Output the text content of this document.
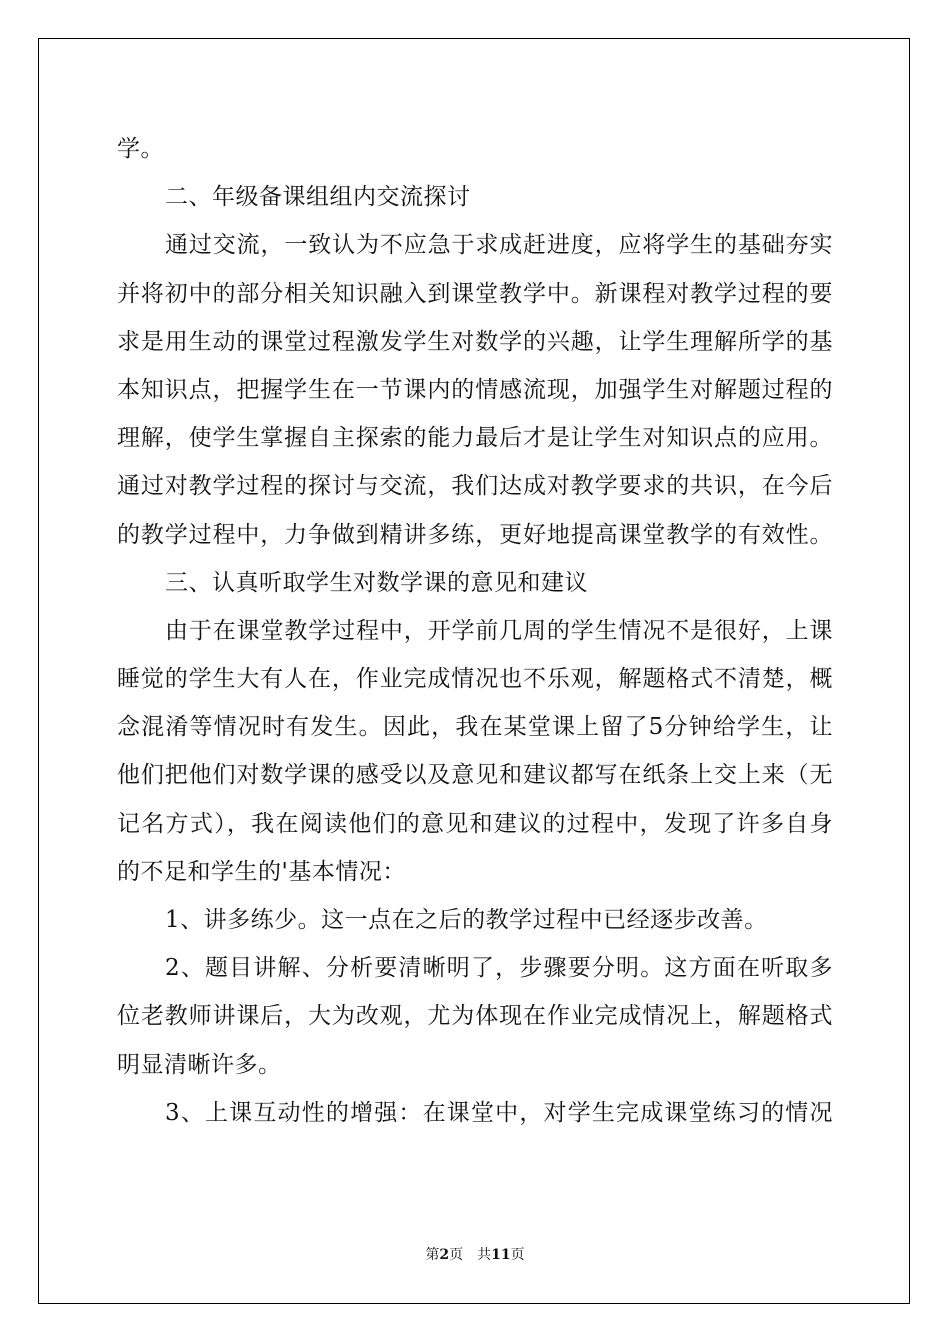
学。
二、年级备课组组内交流探讨
通过交流，一致认为不应急于求成赶进度，应将学生的基础夯实
并将初中的部分相关知识融入到课堂教学中。新课程对教学过程的要
求是用生动的课堂过程激发学生对数学的兴趣，让学生理解所学的基
本知识点，把握学生在一节课内的情感流现，加强学生对解题过程的
理解，使学生掌握自主探索的能力最后才是让学生对知识点的应用。
通过对教学过程的探讨与交流，我们达成对教学要求的共识，在今后
的教学过程中，力争做到精讲多练，更好地提高课堂教学的有效性。
三、认真听取学生对数学课的意见和建议
由于在课堂教学过程中，开学前几周的学生情况不是很好，上课
睡觉的学生大有人在，作业完成情况也不乐观，解题格式不清楚，概
念混淆等情况时有发生。因此，我在某堂课上留了5分钟给学生，让
他们把他们对数学课的感受以及意见和建议都写在纸条上交上来（无
记名方式），我在阅读他们的意见和建议的过程中，发现了许多自身
的不足和学生的'基本情况：
1、讲多练少。这一点在之后的教学过程中已经逐步改善。
2、题目讲解、分析要清晰明了，步骤要分明。这方面在听取多
位老教师讲课后，大为改观，尤为体现在作业完成情况上，解题格式
明显清晰许多。
3、上课互动性的增强：在课堂中，对学生完成课堂练习的情况
第2页　共11页
